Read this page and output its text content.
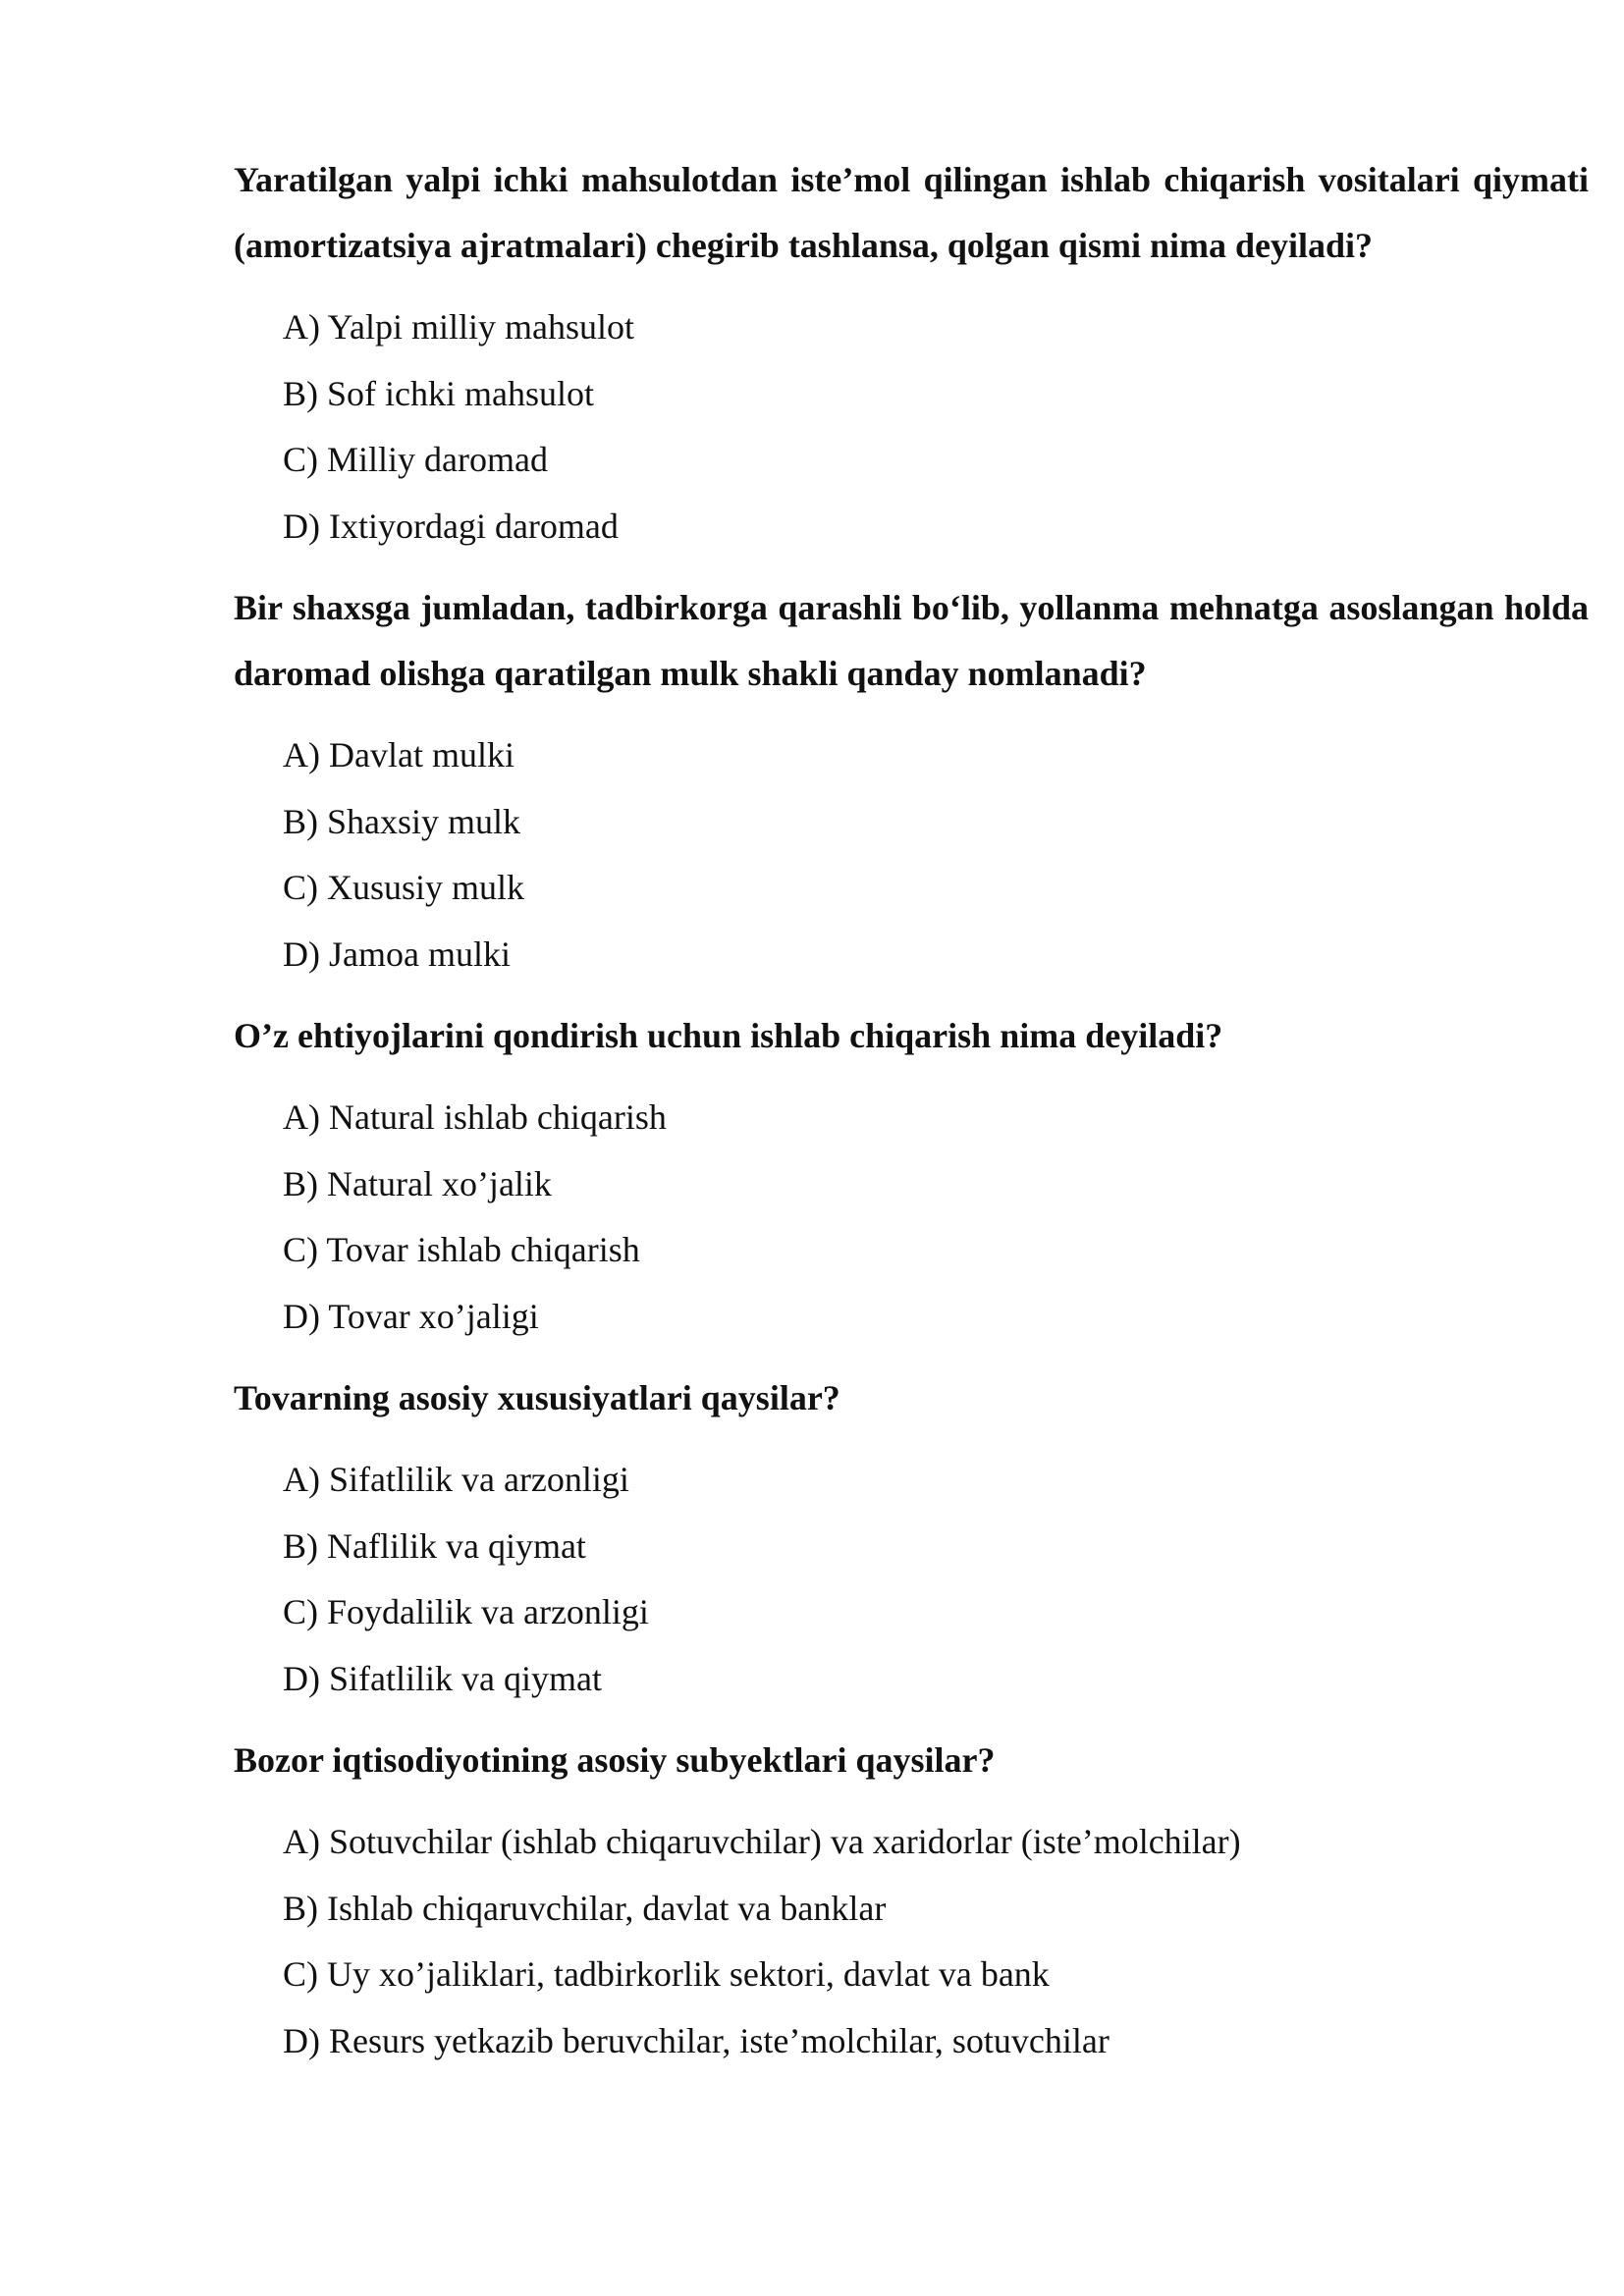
Yaratilgan yalpi ichki mahsulotdan iste’mol qilingan ishlab chiqarish vositalari qiymati (amortizatsiya ajratmalari) chegirib tashlansa, qolgan qismi nima deyiladi?

A) Yalpi milliy mahsulot
B) Sof ichki mahsulot
C) Milliy daromad
D) Ixtiyordagi daromad

Bir shaxsga jumladan, tadbirkorga qarashli bo‘lib, yollanma mehnatga asoslangan holda daromad olishga qaratilgan mulk shakli qanday nomlanadi?

A) Davlat mulki
B) Shaxsiy mulk
C) Xususiy mulk
D) Jamoa mulki

O’z ehtiyojlarini qondirish uchun ishlab chiqarish nima deyiladi?

A) Natural ishlab chiqarish
B) Natural xo’jalik
C) Tovar ishlab chiqarish
D) Tovar xo’jaligi

Tovarning asosiy xususiyatlari qaysilar?

A) Sifatlilik va arzonligi
B) Naflilik va qiymat
C) Foydalilik va arzonligi
D) Sifatlilik va qiymat

Bozor iqtisodiyotining asosiy subyektlari qaysilar?

A) Sotuvchilar (ishlab chiqaruvchilar) va xaridorlar (iste’molchilar)
B) Ishlab chiqaruvchilar, davlat va banklar
C) Uy xo’jaliklari, tadbirkorlik sektori, davlat va bank
D) Resurs yetkazib beruvchilar, iste’molchilar, sotuvchilar
